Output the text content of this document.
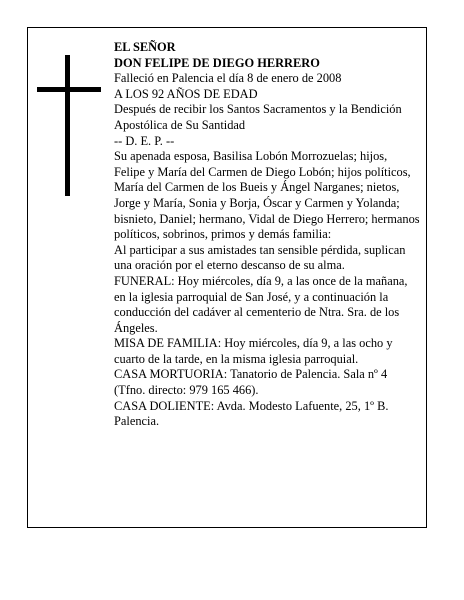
EL SEÑOR

DON FELIPE DE DIEGO HERRERO

Falleció en Palencia el día 8 de enero de 2008

A LOS 92 AÑOS DE EDAD

Después de recibir los Santos Sacramentos y la Bendición Apostólica de Su Santidad

-- D. E. P. --

Su apenada esposa, Basilisa Lobón Morrozuelas; hijos, Felipe y María del Carmen de Diego Lobón; hijos políticos, María del Carmen de los Bueis y Ángel Narganes; nietos, Jorge y María, Sonia y Borja, Óscar y Carmen y Yolanda; bisnieto, Daniel; hermano, Vidal de Diego Herrero; hermanos políticos, sobrinos, primos y demás familia:

Al participar a sus amistades tan sensible pérdida, suplican una oración por el eterno descanso de su alma.

FUNERAL: Hoy miércoles, día 9, a las once de la mañana, en la iglesia parroquial de San José, y a continuación la conducción del cadáver al cementerio de Ntra. Sra. de los Ángeles.

MISA DE FAMILIA: Hoy miércoles, día 9, a las ocho y cuarto de la tarde, en la misma iglesia parroquial.

CASA MORTUORIA: Tanatorio de Palencia. Sala nº 4 (Tfno. directo: 979 165 466).

CASA DOLIENTE: Avda. Modesto Lafuente, 25, 1º B. Palencia.
